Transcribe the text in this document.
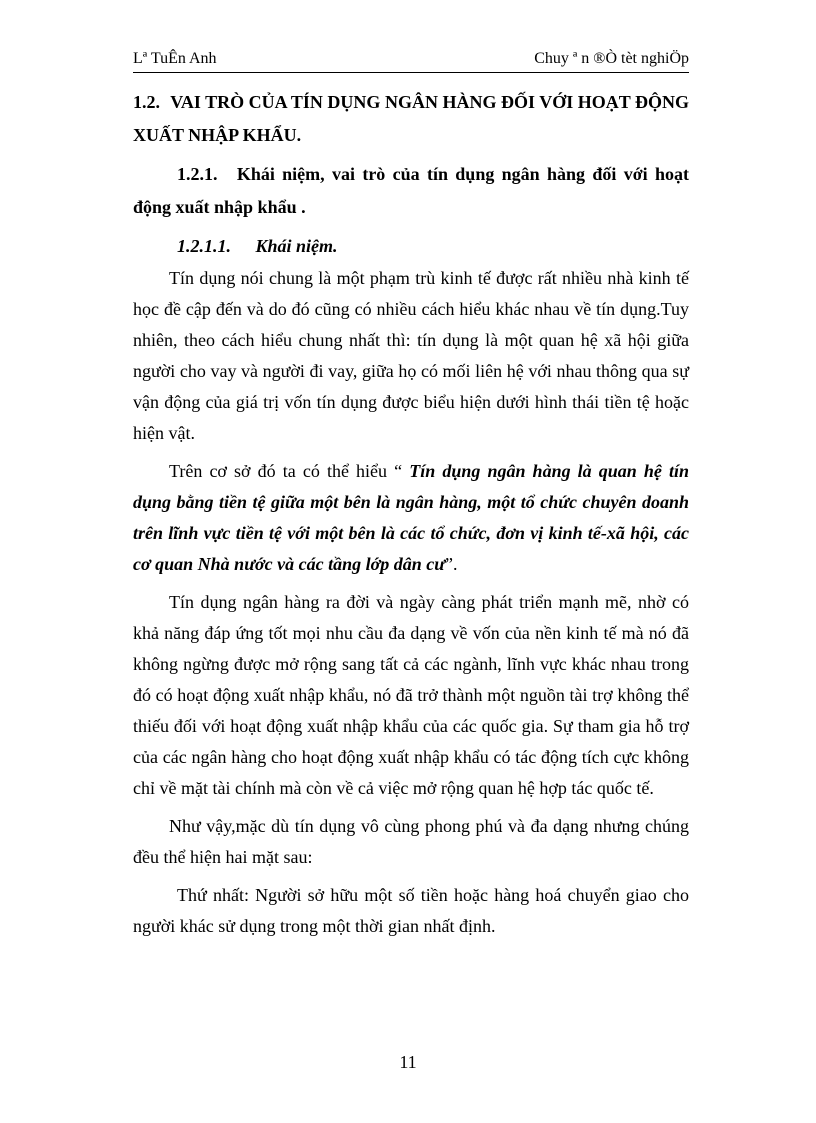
Lª TuÊn Anh	Chuy ª n ®Ò tèt nghiÖp
1.2. VAI TRÒ CỦA TÍN DỤNG NGÂN HÀNG ĐỐI VỚI HOẠT ĐỘNG XUẤT NHẬP KHẨU.
1.2.1. Khái niệm, vai trò của tín dụng ngân hàng đối với hoạt động xuất nhập khẩu .
1.2.1.1. Khái niệm.

Tín dụng nói chung là một phạm trù kinh tế được rất nhiều nhà kinh tế học đề cập đến và do đó cũng có nhiều cách hiểu khác nhau về tín dụng.Tuy nhiên, theo cách hiểu chung nhất thì: tín dụng là một quan hệ xã hội giữa người cho vay và người đi vay, giữa họ có mối liên hệ với nhau thông qua sự vận động của giá trị vốn tín dụng được biểu hiện dưới hình thái tiền tệ hoặc hiện vật.

Trên cơ sở đó ta có thể hiểu “ Tín dụng ngân hàng là quan hệ tín dụng bằng tiền tệ giữa một bên là ngân hàng, một tổ chức chuyên doanh trên lĩnh vực tiền tệ với một bên là các tổ chức, đơn vị kinh tế-xã hội, các cơ quan Nhà nước và các tầng lớp dân cư”.

Tín dụng ngân hàng ra đời và ngày càng phát triển mạnh mẽ, nhờ có khả năng đáp ứng tốt mọi nhu cầu đa dạng về vốn của nền kinh tế mà nó đã không ngừng được mở rộng sang tất cả các ngành, lĩnh vực khác nhau trong đó có hoạt động xuất nhập khẩu, nó đã trở thành một nguồn tài trợ không thể thiếu đối với hoạt động xuất nhập khẩu của các quốc gia. Sự tham gia hỗ trợ của các ngân hàng cho hoạt động xuất nhập khẩu có tác động tích cực không chỉ về mặt tài chính mà còn về cả việc mở rộng quan hệ hợp tác quốc tế.

Như vậy,mặc dù tín dụng vô cùng phong phú và đa dạng nhưng chúng đều thể hiện hai mặt sau:

Thứ nhất: Người sở hữu một số tiền hoặc hàng hoá chuyển giao cho người khác sử dụng trong một thời gian nhất định.

11
